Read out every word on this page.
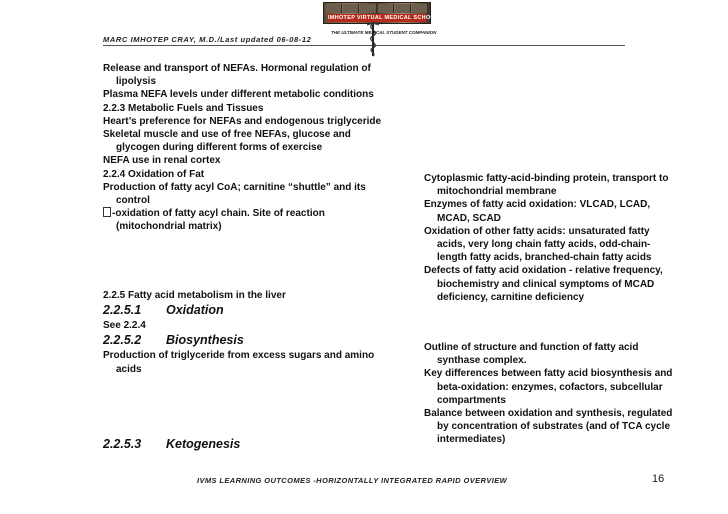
MARC IMHOTEP CRAY, M.D./Last updated 06-08-12
IMHOTEP VIRTUAL MEDICAL SCHOOL
THE ULTIMATE MEDICAL STUDENT COMPANION
Release and transport of NEFAs. Hormonal regulation of
lipolysis
Plasma NEFA levels under different metabolic conditions
2.2.3 Metabolic Fuels and Tissues
Heart’s preference for NEFAs and endogenous triglyceride
Skeletal muscle and use of free NEFAs, glucose and
glycogen during different forms of exercise
NEFA use in renal cortex
2.2.4 Oxidation of Fat
Production of fatty acyl CoA; carnitine “shuttle” and its
control
-oxidation of fatty acyl chain. Site of reaction
(mitochondrial matrix)
2.2.5 Fatty acid metabolism in the liver
2.2.5.1	Oxidation
See 2.2.4
2.2.5.2	Biosynthesis
Production of triglyceride from excess sugars and amino
acids
2.2.5.3	Ketogenesis
Cytoplasmic fatty-acid-binding protein, transport to
mitochondrial membrane
Enzymes of fatty acid oxidation: VLCAD, LCAD,
MCAD, SCAD
Oxidation of other fatty acids: unsaturated fatty
acids, very long chain fatty acids, odd-chain-
length fatty acids, branched-chain fatty acids
Defects of fatty acid oxidation - relative frequency,
biochemistry and clinical symptoms of MCAD
deficiency, carnitine deficiency
Outline of structure and function of fatty acid
synthase complex.
Key differences between fatty acid biosynthesis and
beta-oxidation: enzymes, cofactors, subcellular
compartments
Balance between oxidation and synthesis, regulated
by concentration of substrates (and of TCA cycle
intermediates)
IVMS LEARNING OUTCOMES -HORIZONTALLY INTEGRATED RAPID OVERVIEW	16
